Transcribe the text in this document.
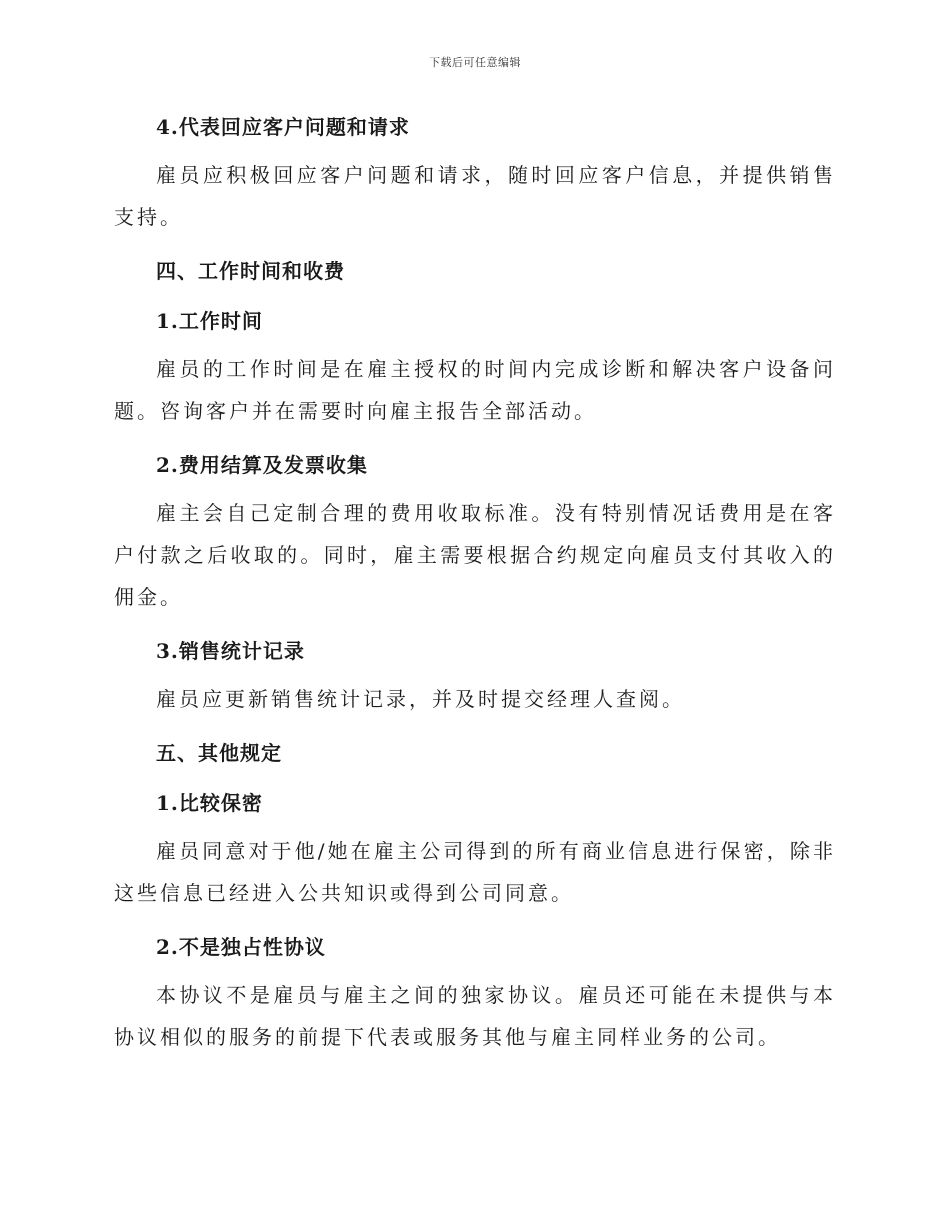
下载后可任意编辑

4.代表回应客户问题和请求

雇员应积极回应客户问题和请求，随时回应客户信息，并提供销售支持。

四、工作时间和收费

1.工作时间

雇员的工作时间是在雇主授权的时间内完成诊断和解决客户设备问题。咨询客户并在需要时向雇主报告全部活动。

2.费用结算及发票收集

雇主会自己定制合理的费用收取标准。没有特别情况话费用是在客户付款之后收取的。同时，雇主需要根据合约规定向雇员支付其收入的佣金。

3.销售统计记录

雇员应更新销售统计记录，并及时提交经理人查阅。

五、其他规定

1.比较保密

雇员同意对于他/她在雇主公司得到的所有商业信息进行保密，除非这些信息已经进入公共知识或得到公司同意。

2.不是独占性协议

本协议不是雇员与雇主之间的独家协议。雇员还可能在未提供与本协议相似的服务的前提下代表或服务其他与雇主同样业务的公司。
